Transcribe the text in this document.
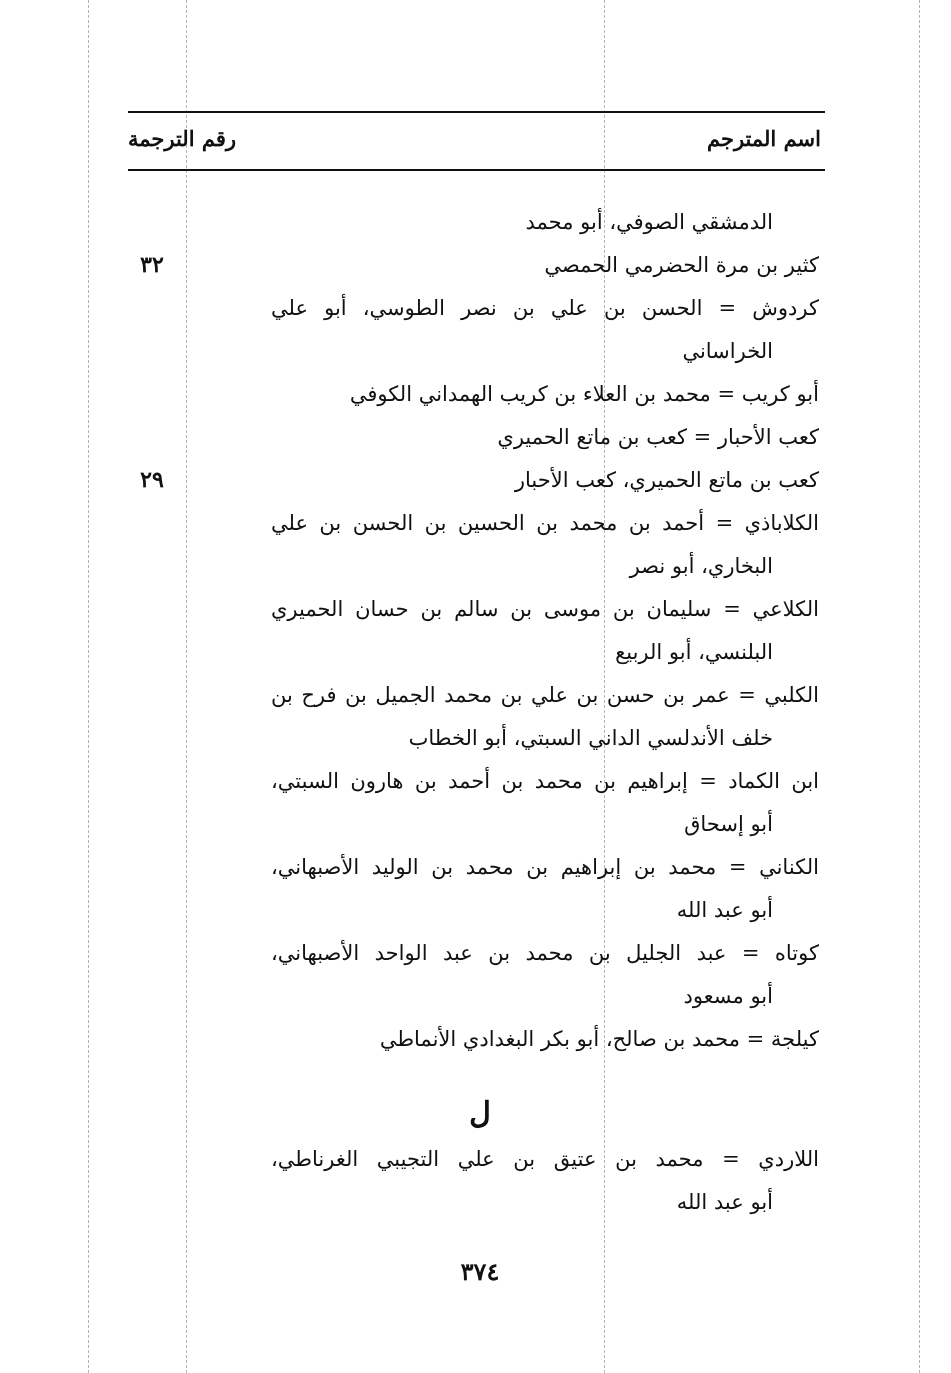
اسم المترجم
رقم الترجمة
الدمشقي الصوفي، أبو محمد
كثير بن مرة الحضرمي الحمصي
٣٢
كردوش = الحسن بن علي بن نصر الطوسي، أبو علي
الخراساني
أبو كريب = محمد بن العلاء بن كريب الهمداني الكوفي
كعب الأحبار = كعب بن ماتع الحميري
كعب بن ماتع الحميري، كعب الأحبار
٢٩
الكلاباذي = أحمد بن محمد بن الحسين بن الحسن بن علي
البخاري، أبو نصر
الكلاعي = سليمان بن موسى بن سالم بن حسان الحميري
البلنسي، أبو الربيع
الكلبي = عمر بن حسن بن علي بن محمد الجميل بن فرح بن
خلف الأندلسي الداني السبتي، أبو الخطاب
ابن الكماد = إبراهيم بن محمد بن أحمد بن هارون السبتي،
أبو إسحاق
الكناني = محمد بن إبراهيم بن محمد بن الوليد الأصبهاني،
أبو عبد الله
كوتاه = عبد الجليل بن محمد بن عبد الواحد الأصبهاني،
أبو مسعود
كيلجة = محمد بن صالح، أبو بكر البغدادي الأنماطي
ل
اللاردي = محمد بن عتيق بن علي التجيبي الغرناطي،
أبو عبد الله
٣٧٤
